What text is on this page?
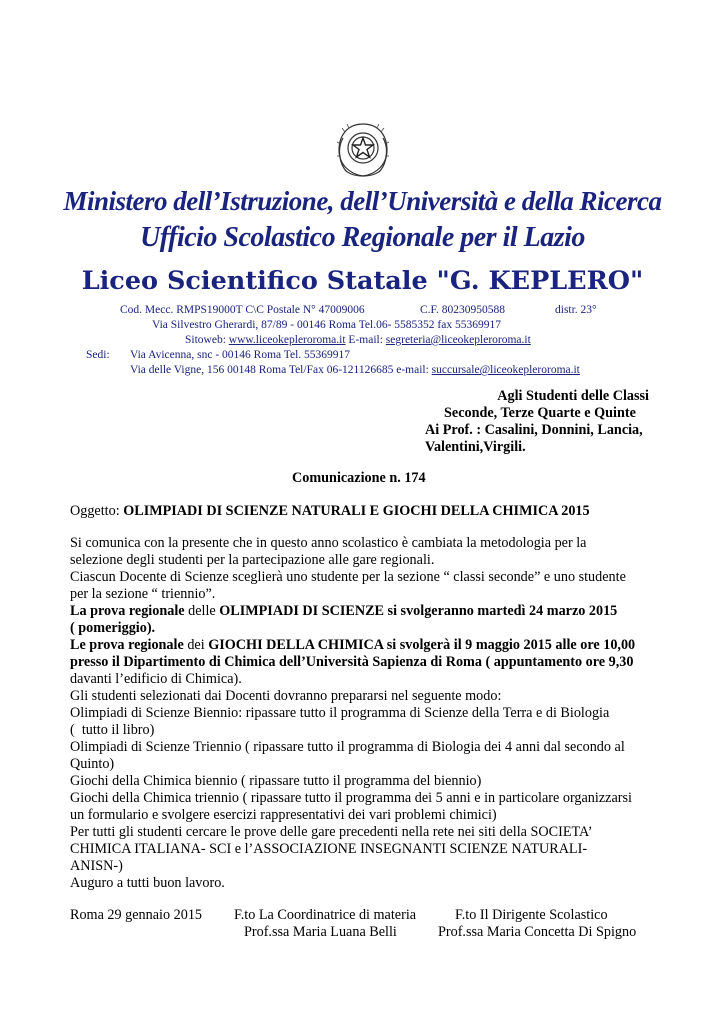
Ministero dell’Istruzione, dell’Università e della Ricerca
Ufficio Scolastico Regionale per il Lazio
Liceo Scientifico Statale "G. KEPLERO"
Cod. Mecc. RMPS19000T C\C Postale N° 47009006	C.F. 80230950588	distr. 23°
Via Silvestro Gherardi, 87/89 - 00146 Roma Tel.06- 5585352 fax 55369917
Sitoweb: www.liceokepleroroma.it E-mail: segreteria@liceokepleroroma.it
Sedi: Via Avicenna, snc - 00146 Roma Tel. 55369917
Via delle Vigne, 156 00148 Roma Tel/Fax 06-121126685 e-mail: succursale@liceokepleroroma.it
Agli Studenti delle Classi
Seconde, Terze Quarte e Quinte
Ai Prof. : Casalini, Donnini, Lancia,
Valentini,Virgili.
Comunicazione n. 174
Oggetto: OLIMPIADI DI SCIENZE NATURALI E GIOCHI DELLA CHIMICA 2015
Si comunica con la presente che in questo anno scolastico è cambiata la metodologia per la
selezione degli studenti per la partecipazione alle gare regionali.
Ciascun Docente di Scienze sceglierà uno studente per la sezione “ classi seconde” e uno studente
per la sezione “ triennio”.
La prova regionale delle OLIMPIADI DI SCIENZE si svolgeranno martedì 24 marzo 2015
( pomeriggio).
Le prova regionale dei GIOCHI DELLA CHIMICA si svolgerà il 9 maggio 2015 alle ore 10,00
presso il Dipartimento di Chimica dell’Università Sapienza di Roma ( appuntamento ore 9,30
davanti l’edificio di Chimica).
Gli studenti selezionati dai Docenti dovranno prepararsi nel seguente modo:
Olimpiadi di Scienze Biennio: ripassare tutto il programma di Scienze della Terra e di Biologia
(  tutto il libro)
Olimpiadi di Scienze Triennio ( ripassare tutto il programma di Biologia dei 4 anni dal secondo al
Quinto)
Giochi della Chimica biennio ( ripassare tutto il programma del biennio)
Giochi della Chimica triennio ( ripassare tutto il programma dei 5 anni e in particolare organizzarsi
un formulario e svolgere esercizi rappresentativi dei vari problemi chimici)
Per tutti gli studenti cercare le prove delle gare precedenti nella rete nei siti della SOCIETA’
CHIMICA ITALIANA- SCI e l’ASSOCIAZIONE INSEGNANTI SCIENZE NATURALI-
ANISN-)
Auguro a tutti buon lavoro.
Roma 29 gennaio 2015 F.to La Coordinatrice di materia
Prof.ssa Maria Luana Belli
F.to Il Dirigente Scolastico
Prof.ssa Maria Concetta Di Spigno
